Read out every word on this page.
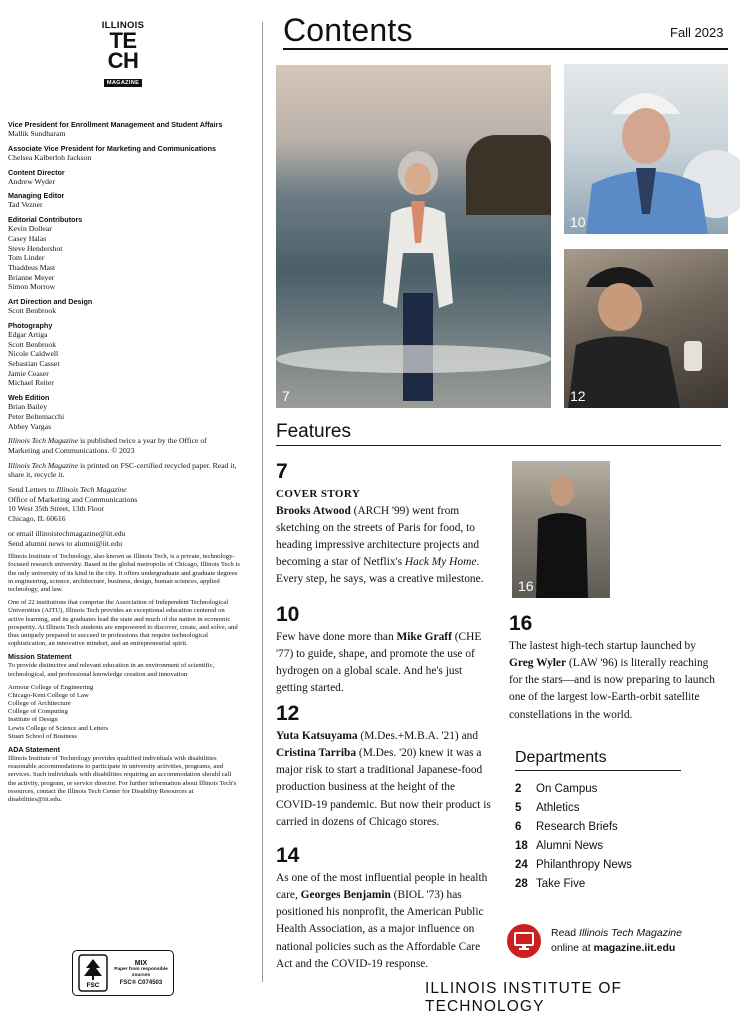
ILLINOIS
TE
CH
MAGAZINE
Vice President for Enrollment Management and Student Affairs
Mallik Sundharam
Associate Vice President for Marketing and Communications
Chelsea Kalberloh Jackson
Content Director
Andrew Wyder
Managing Editor
Tad Vezner
Editorial Contributors
Kevin Dollear
Casey Halas
Steve Hendershot
Tom Linder
Thaddeus Mast
Brianne Meyer
Simon Morrow
Art Direction and Design
Scott Benbrook
Photography
Edgar Artiga
Scott Benbrook
Nicole Caldwell
Sebastian Casset
Jamie Ceaser
Michael Reiter
Web Edition
Brian Bailey
Peter Beltemacchi
Abbey Vargas

Illinois Tech Magazine is published twice a year by the Office of Marketing and Communications. © 2023

Illinois Tech Magazine is printed on FSC-certified recycled paper. Read it, share it, recycle it.

Send Letters to Illinois Tech Magazine
Office of Marketing and Communications
10 West 35th Street, 13th Floor
Chicago, IL 60616

or email illinoistechmagazine@iit.edu
Send alumni news to alumni@iit.edu

Illinois Institute of Technology, also known as Illinois Tech, is a private, technology-focused research university. Based in the global metropolis of Chicago, Illinois Tech is the only university of its kind in the city. It offers undergraduate and graduate degrees in engineering, science, architecture, business, design, human sciences, applied technology, and law.

One of 22 institutions that comprise the Association of Independent Technological Universities (AITU), Illinois Tech provides an exceptional education centered on active learning, and its graduates lead the state and much of the nation in economic prosperity. At Illinois Tech students are empowered to discover, create, and solve, and thus uniquely prepared to succeed in professions that require technological sophistication, an innovative mindset, and an entrepreneurial spirit.

Mission Statement
To provide distinctive and relevant education in an environment of scientific, technological, and professional knowledge creation and innovation

Armour College of Engineering
Chicago-Kent College of Law
College of Architecture
College of Computing
Institute of Design
Lewis College of Science and Letters
Stuart School of Business

ADA Statement
Illinois Institute of Technology provides qualified individuals with disabilities reasonable accommodations to participate in university activities, programs, and services. Such individuals with disabilities requiring an accommodation should call the activity, program, or service director. For further information about Illinois Tech's resources, contact the Illinois Tech Center for Disability Resources at disabilities@iit.edu.

FSC
MIX
Paper from responsible sources
FSC® C074503
Contents	Fall 2023
7
10
12
Features
7
COVER STORY
Brooks Atwood (ARCH '99) went from sketching on the streets of Paris for food, to heading impressive architecture projects and becoming a star of Netflix's Hack My Home. Every step, he says, was a creative milestone.
10
Few have done more than Mike Graff (CHE '77) to guide, shape, and promote the use of hydrogen on a global scale. And he's just getting started.
12
Yuta Katsuyama (M.Des.+M.B.A. '21) and Cristina Tarriba (M.Des. '20) knew it was a major risk to start a traditional Japanese-food production business at the height of the COVID-19 pandemic. But now their product is carried in dozens of Chicago stores.
14
As one of the most influential people in health care, Georges Benjamin (BIOL '73) has positioned his nonprofit, the American Public Health Association, as a major influence on national policies such as the Affordable Care Act and the COVID-19 response.
16
16
The lastest high-tech startup launched by Greg Wyler (LAW '96) is literally reaching for the stars—and is now preparing to launch one of the largest low-Earth-orbit satellite constellations in the world.
Departments
2	On Campus
5	Athletics
6	Research Briefs
18 Alumni News
24 Philanthropy News
28 Take Five
Read Illinois Tech Magazine
online at magazine.iit.edu
ILLINOIS INSTITUTE OF TECHNOLOGY
